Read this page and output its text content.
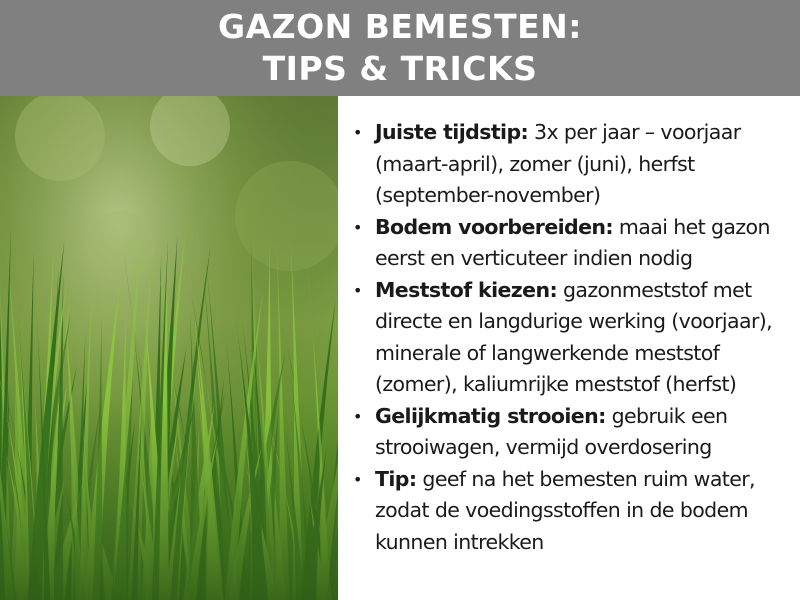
GAZON BEMESTEN:
TIPS & TRICKS
• Juiste tijdstip: 3x per jaar – voorjaar (maart-april), zomer (juni), herfst (september-november)
• Bodem voorbereiden: maai het gazon eerst en verticuteer indien nodig
• Meststof kiezen: gazonmeststof met directe en langdurige werking (voorjaar), minerale of langwerkende meststof (zomer), kaliumrijke meststof (herfst)
• Gelijkmatig strooien: gebruik een strooiwagen, vermijd overdosering
• Tip: geef na het bemesten ruim water, zodat de voedingsstoffen in de bodem kunnen intrekken
